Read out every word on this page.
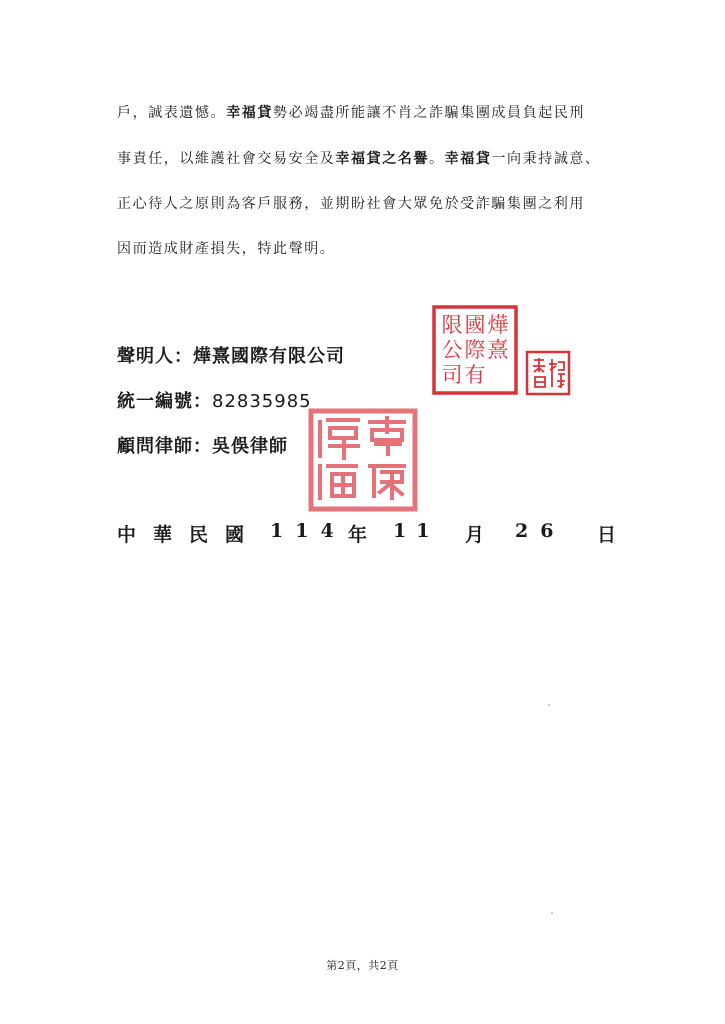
戶，誠表遺憾。幸福貸勢必竭盡所能讓不肖之詐騙集團成員負起民刑
事責任，以維護社會交易安全及幸福貸之名譽。幸福貸一向秉持誠意、
正心待人之原則為客戶服務，並期盼社會大眾免於受詐騙集團之利用
因而造成財產損失，特此聲明。
聲明人：燁熹國際有限公司
統一編號：82835985
顧問律師：吳俁律師
燁
熹
國
際
有
限
公
司
中華民國 114 年 11 月 26 日
第2頁，共2頁
